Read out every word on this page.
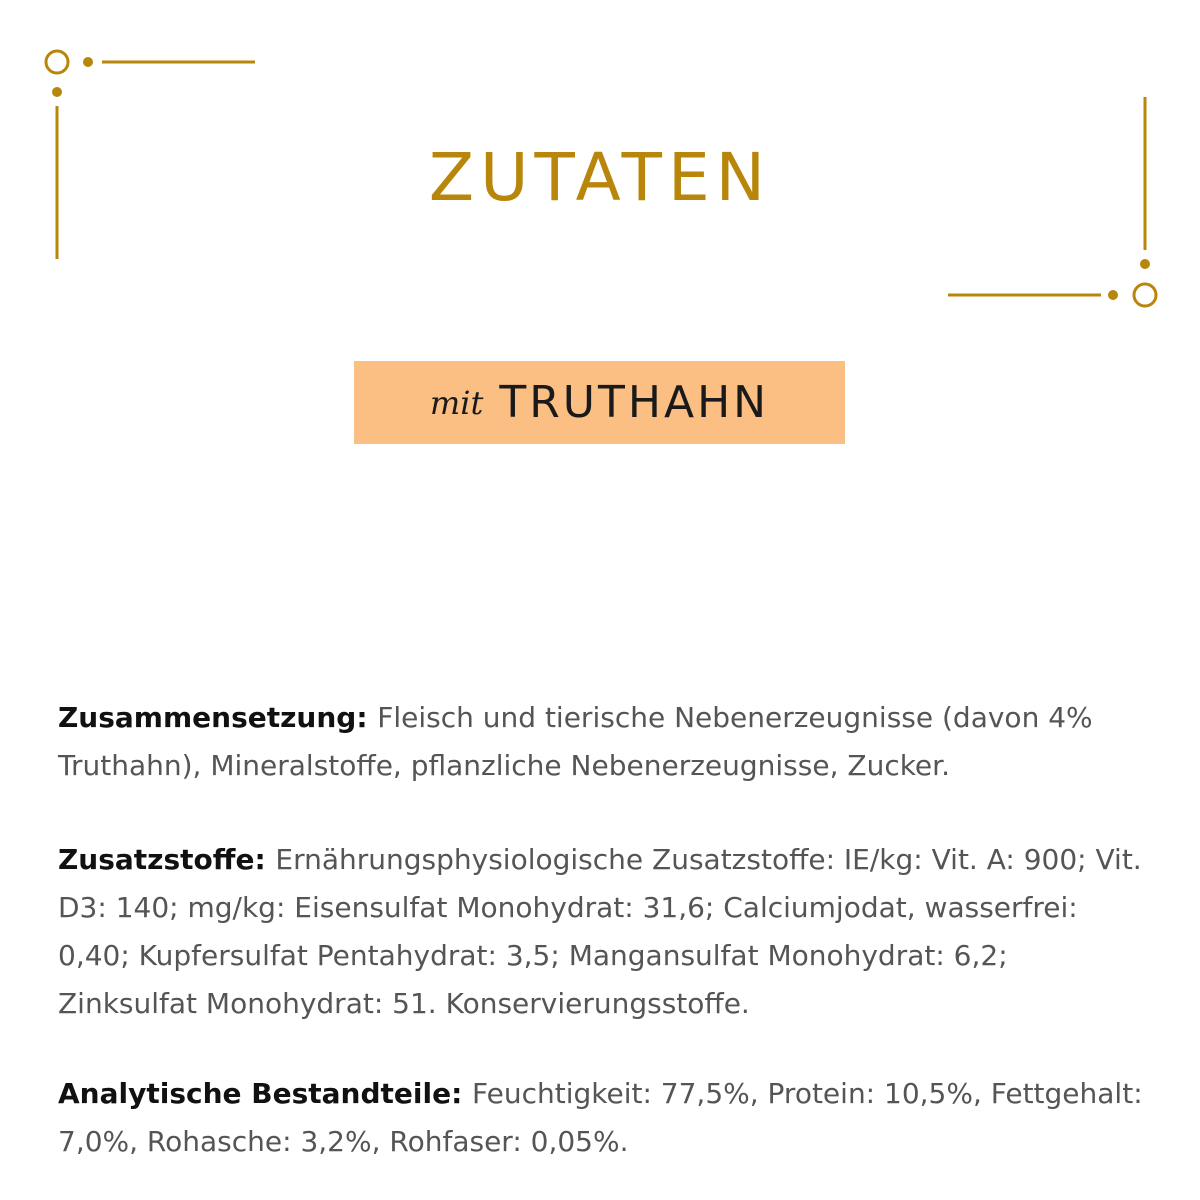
ZUTATEN
mit TRUTHAHN
Zusammensetzung: Fleisch und tierische Nebenerzeugnisse (davon 4% Truthahn), Mineralstoffe, pflanzliche Nebenerzeugnisse, Zucker.
Zusatzstoffe: Ernährungsphysiologische Zusatzstoffe: IE/kg: Vit. A: 900; Vit. D3: 140; mg/kg: Eisensulfat Monohydrat: 31,6; Calciumjodat, wasserfrei: 0,40; Kupfersulfat Pentahydrat: 3,5; Mangansulfat Monohydrat: 6,2; Zinksulfat Monohydrat: 51. Konservierungsstoffe.
Analytische Bestandteile: Feuchtigkeit: 77,5%, Protein: 10,5%, Fettgehalt: 7,0%, Rohasche: 3,2%, Rohfaser: 0,05%.
